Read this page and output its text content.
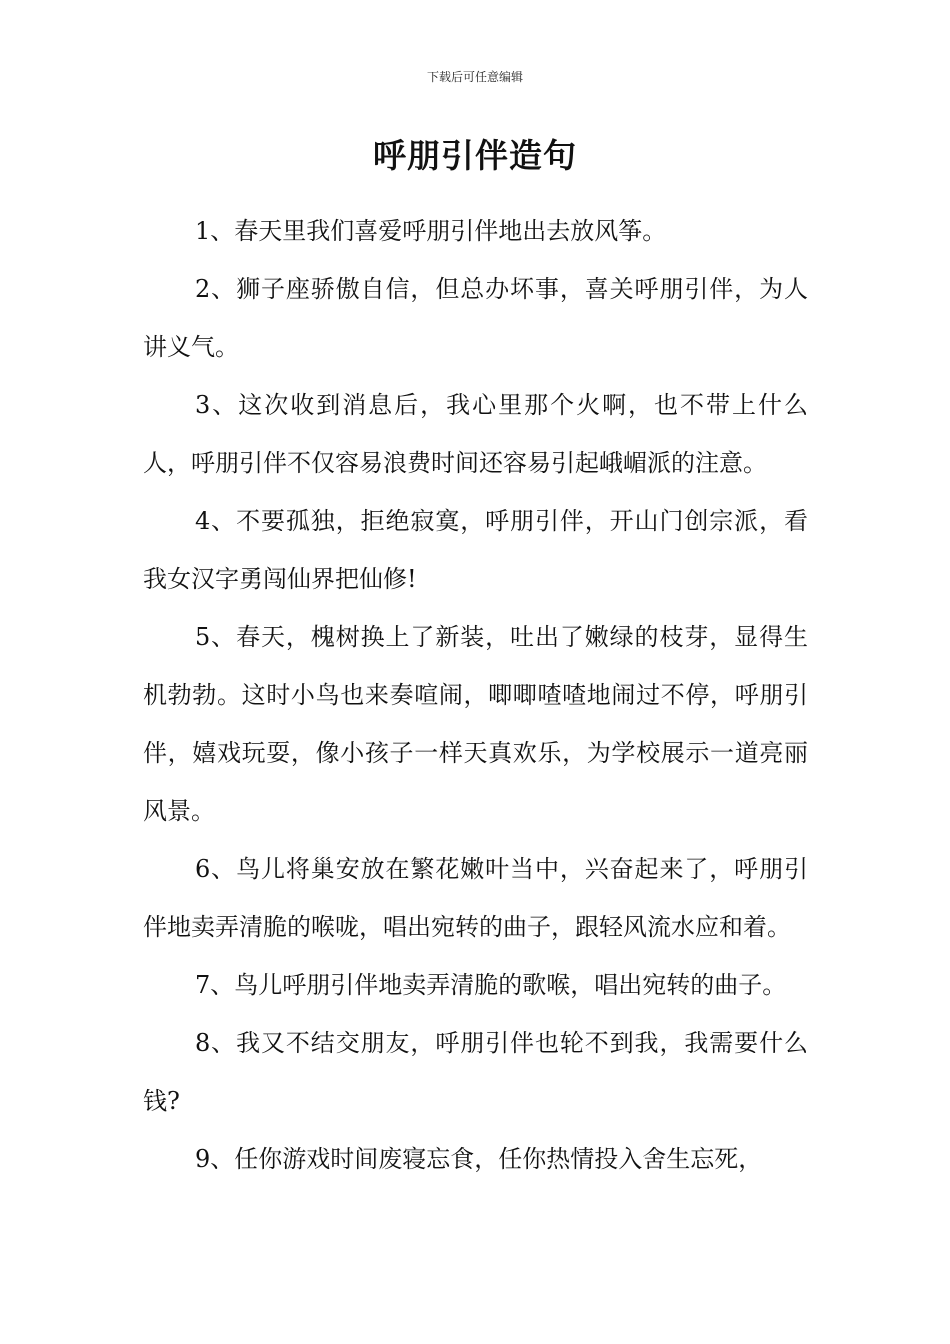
下载后可任意编辑
呼朋引伴造句

1、春天里我们喜爱呼朋引伴地出去放风筝。

2、狮子座骄傲自信，但总办坏事，喜关呼朋引伴，为人讲义气。

3、这次收到消息后，我心里那个火啊，也不带上什么人，呼朋引伴不仅容易浪费时间还容易引起峨嵋派的注意。

4、不要孤独，拒绝寂寞，呼朋引伴，开山门创宗派，看我女汉字勇闯仙界把仙修!

5、春天，槐树换上了新装，吐出了嫩绿的枝芽，显得生机勃勃。这时小鸟也来奏喧闹，唧唧喳喳地闹过不停，呼朋引伴，嬉戏玩耍，像小孩子一样天真欢乐，为学校展示一道亮丽风景。

6、鸟儿将巢安放在繁花嫩叶当中，兴奋起来了，呼朋引伴地卖弄清脆的喉咙，唱出宛转的曲子，跟轻风流水应和着。

7、鸟儿呼朋引伴地卖弄清脆的歌喉，唱出宛转的曲子。

8、我又不结交朋友，呼朋引伴也轮不到我，我需要什么钱?

9、任你游戏时间废寝忘食，任你热情投入舍生忘死，
